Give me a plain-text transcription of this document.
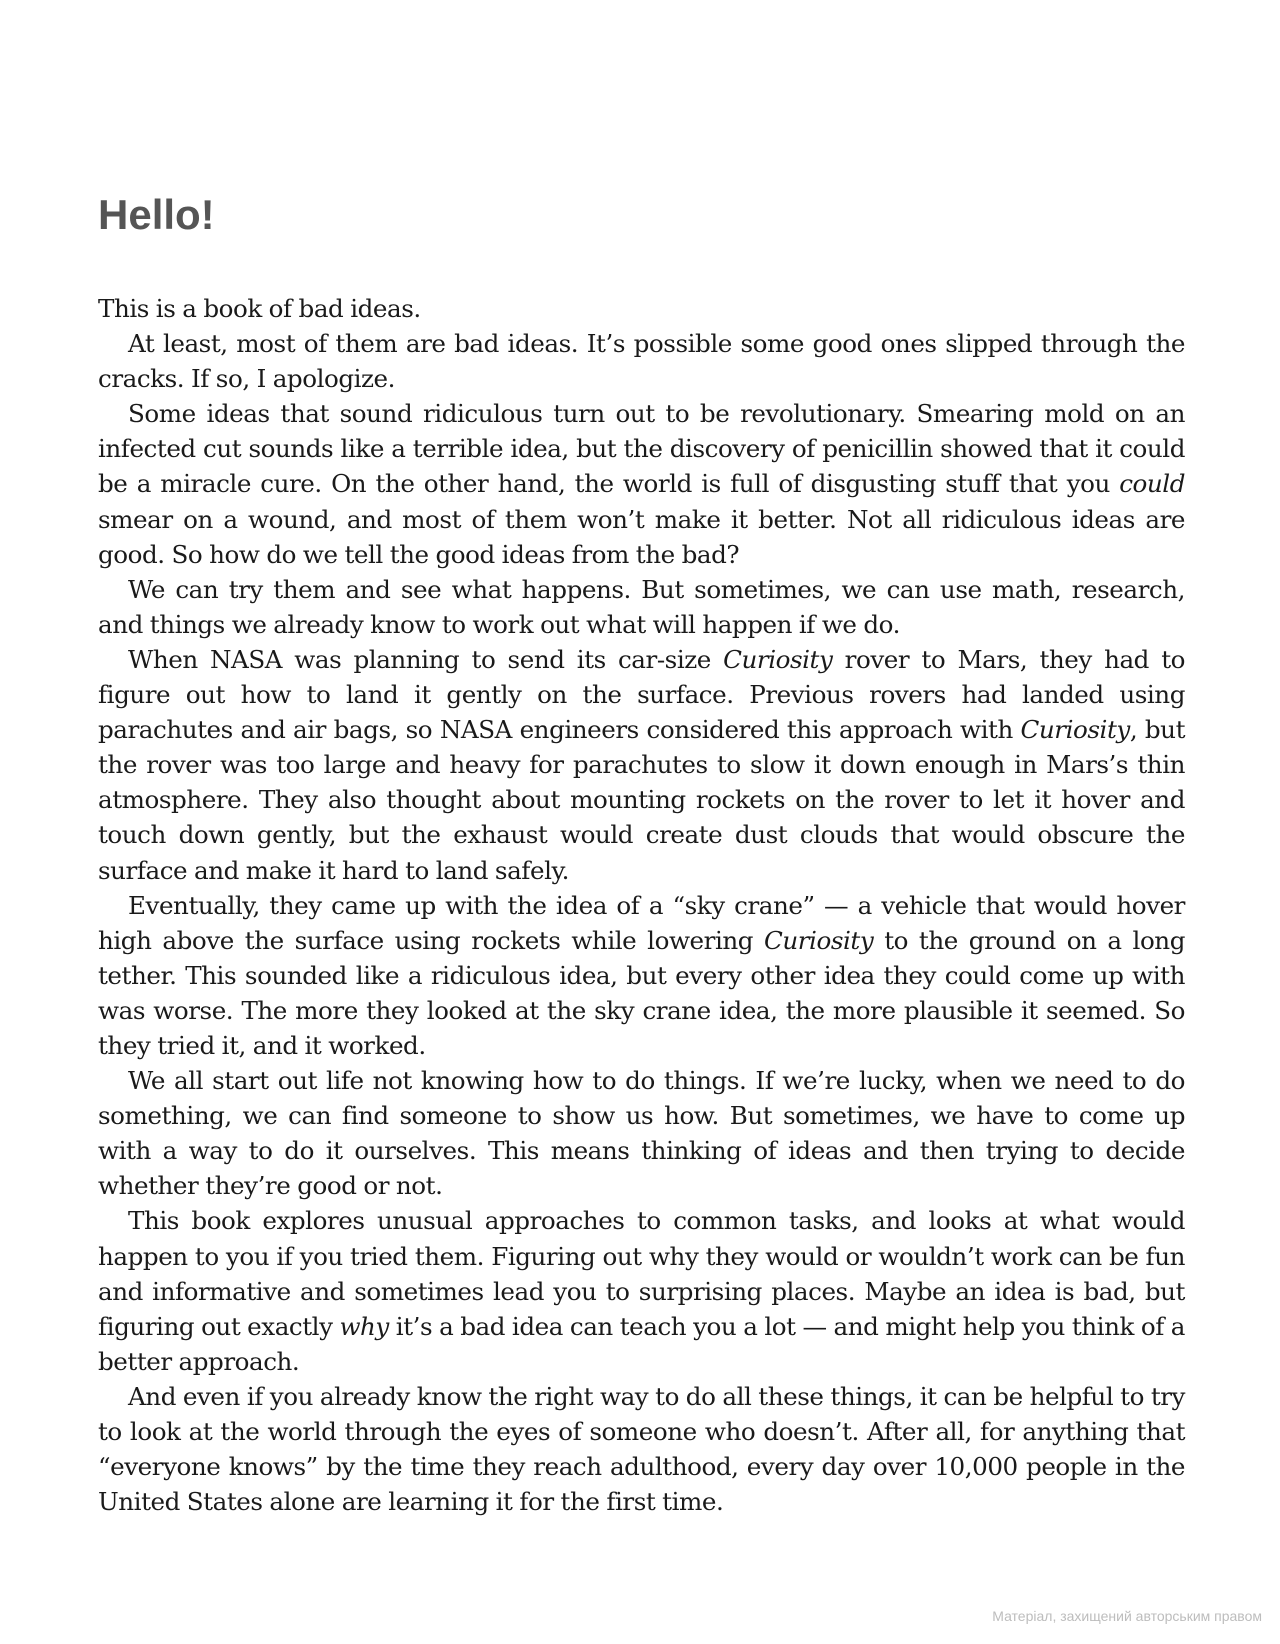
Hello!

This is a book of bad ideas.

At least, most of them are bad ideas. It’s possible some good ones slipped through the cracks. If so, I apologize.

Some ideas that sound ridiculous turn out to be revolutionary. Smearing mold on an infected cut sounds like a terrible idea, but the discovery of penicillin showed that it could be a miracle cure. On the other hand, the world is full of disgusting stuff that you could smear on a wound, and most of them won’t make it better. Not all ridiculous ideas are good. So how do we tell the good ideas from the bad?

We can try them and see what happens. But sometimes, we can use math, research, and things we already know to work out what will happen if we do.

When NASA was planning to send its car-size Curiosity rover to Mars, they had to figure out how to land it gently on the surface. Previous rovers had landed using parachutes and air bags, so NASA engineers considered this approach with Curiosity, but the rover was too large and heavy for parachutes to slow it down enough in Mars’s thin atmosphere. They also thought about mounting rockets on the rover to let it hover and touch down gently, but the exhaust would create dust clouds that would obscure the surface and make it hard to land safely.

Eventually, they came up with the idea of a “sky crane” — a vehicle that would hover high above the surface using rockets while lowering Curiosity to the ground on a long tether. This sounded like a ridiculous idea, but every other idea they could come up with was worse. The more they looked at the sky crane idea, the more plausible it seemed. So they tried it, and it worked.

We all start out life not knowing how to do things. If we’re lucky, when we need to do something, we can find someone to show us how. But sometimes, we have to come up with a way to do it ourselves. This means thinking of ideas and then trying to decide whether they’re good or not.

This book explores unusual approaches to common tasks, and looks at what would happen to you if you tried them. Figuring out why they would or wouldn’t work can be fun and informative and sometimes lead you to surprising places. Maybe an idea is bad, but figuring out exactly why it’s a bad idea can teach you a lot — and might help you think of a better approach.

And even if you already know the right way to do all these things, it can be helpful to try to look at the world through the eyes of someone who doesn’t. After all, for anything that “everyone knows” by the time they reach adulthood, every day over 10,000 people in the United States alone are learning it for the first time.

Матеріал, захищений авторським правом
